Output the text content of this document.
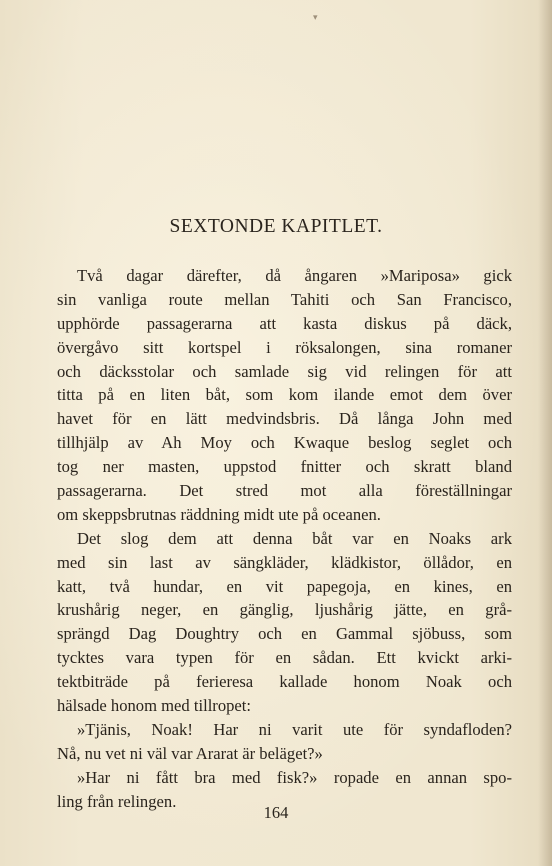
▾
SEXTONDE KAPITLET.
Två dagar därefter, då ångaren »Mariposa» gick
sin vanliga route mellan Tahiti och San Francisco,
upphörde passagerarna att kasta diskus på däck,
övergåvo sitt kortspel i röksalongen, sina romaner
och däcksstolar och samlade sig vid relingen för att
titta på en liten båt, som kom ilande emot dem över
havet för en lätt medvindsbris. Då långa John med
tillhjälp av Ah Moy och Kwaque beslog seglet och
tog ner masten, uppstod fnitter och skratt bland
passagerarna. Det stred mot alla föreställningar
om skeppsbrutnas räddning midt ute på oceanen.
Det slog dem att denna båt var en Noaks ark
med sin last av sängkläder, klädkistor, öllådor, en
katt, två hundar, en vit papegoja, en kines, en
krushårig neger, en gänglig, ljushårig jätte, en grå-
sprängd Dag Doughtry och en Gammal sjöbuss, som
tycktes vara typen för en sådan. Ett kvickt arki-
tektbiträde på ferieresa kallade honom Noak och
hälsade honom med tillropet:
»Tjänis, Noak! Har ni varit ute för syndafloden?
Nå, nu vet ni väl var Ararat är beläget?»
»Har ni fått bra med fisk?» ropade en annan spo-
ling från relingen.
164
